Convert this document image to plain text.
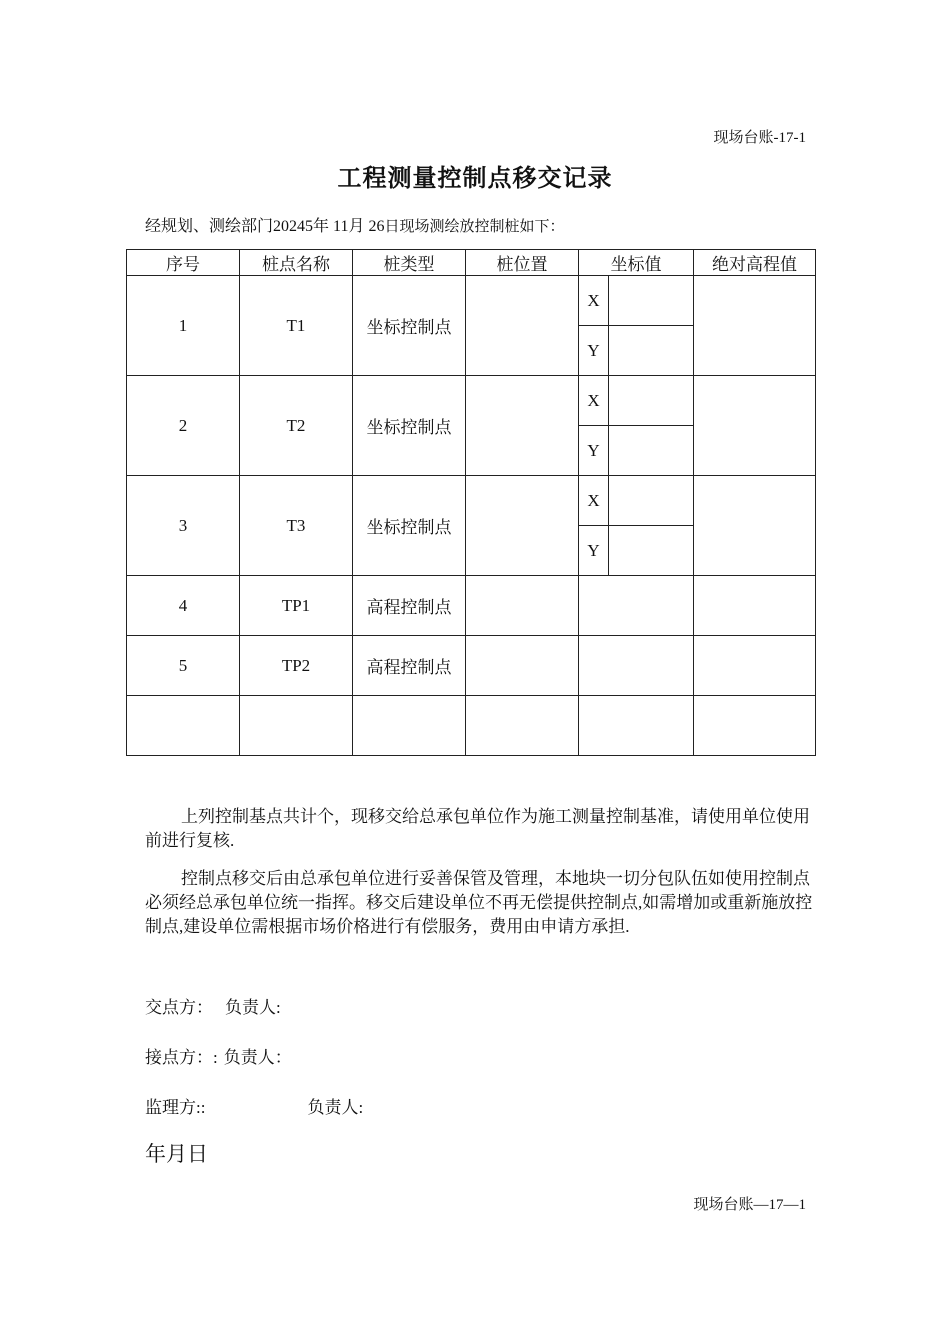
现场台账-17-1
工程测量控制点移交记录
经规划、测绘部门20245年 11月 26日现场测绘放控制桩如下：
序号	桩点名称	桩类型	桩位置	坐标值		绝对高程值
1	T1	坐标控制点		X		
				Y		
2	T2	坐标控制点		X		
				Y		
3	T3	坐标控制点		X		
				Y		
4	TP1	高程控制点				
5	TP2	高程控制点				

上列控制基点共计个，现移交给总承包单位作为施工测量控制基准，请使用单位使用前进行复核.
控制点移交后由总承包单位进行妥善保管及管理，本地块一切分包队伍如使用控制点必须经总承包单位统一指挥。移交后建设单位不再无偿提供控制点,如需增加或重新施放控制点,建设单位需根据市场价格进行有偿服务，费用由申请方承担.
交点方： 负责人:
接点方：: 负责人：
监理方::	负责人:
年月日
现场台账—17—1
